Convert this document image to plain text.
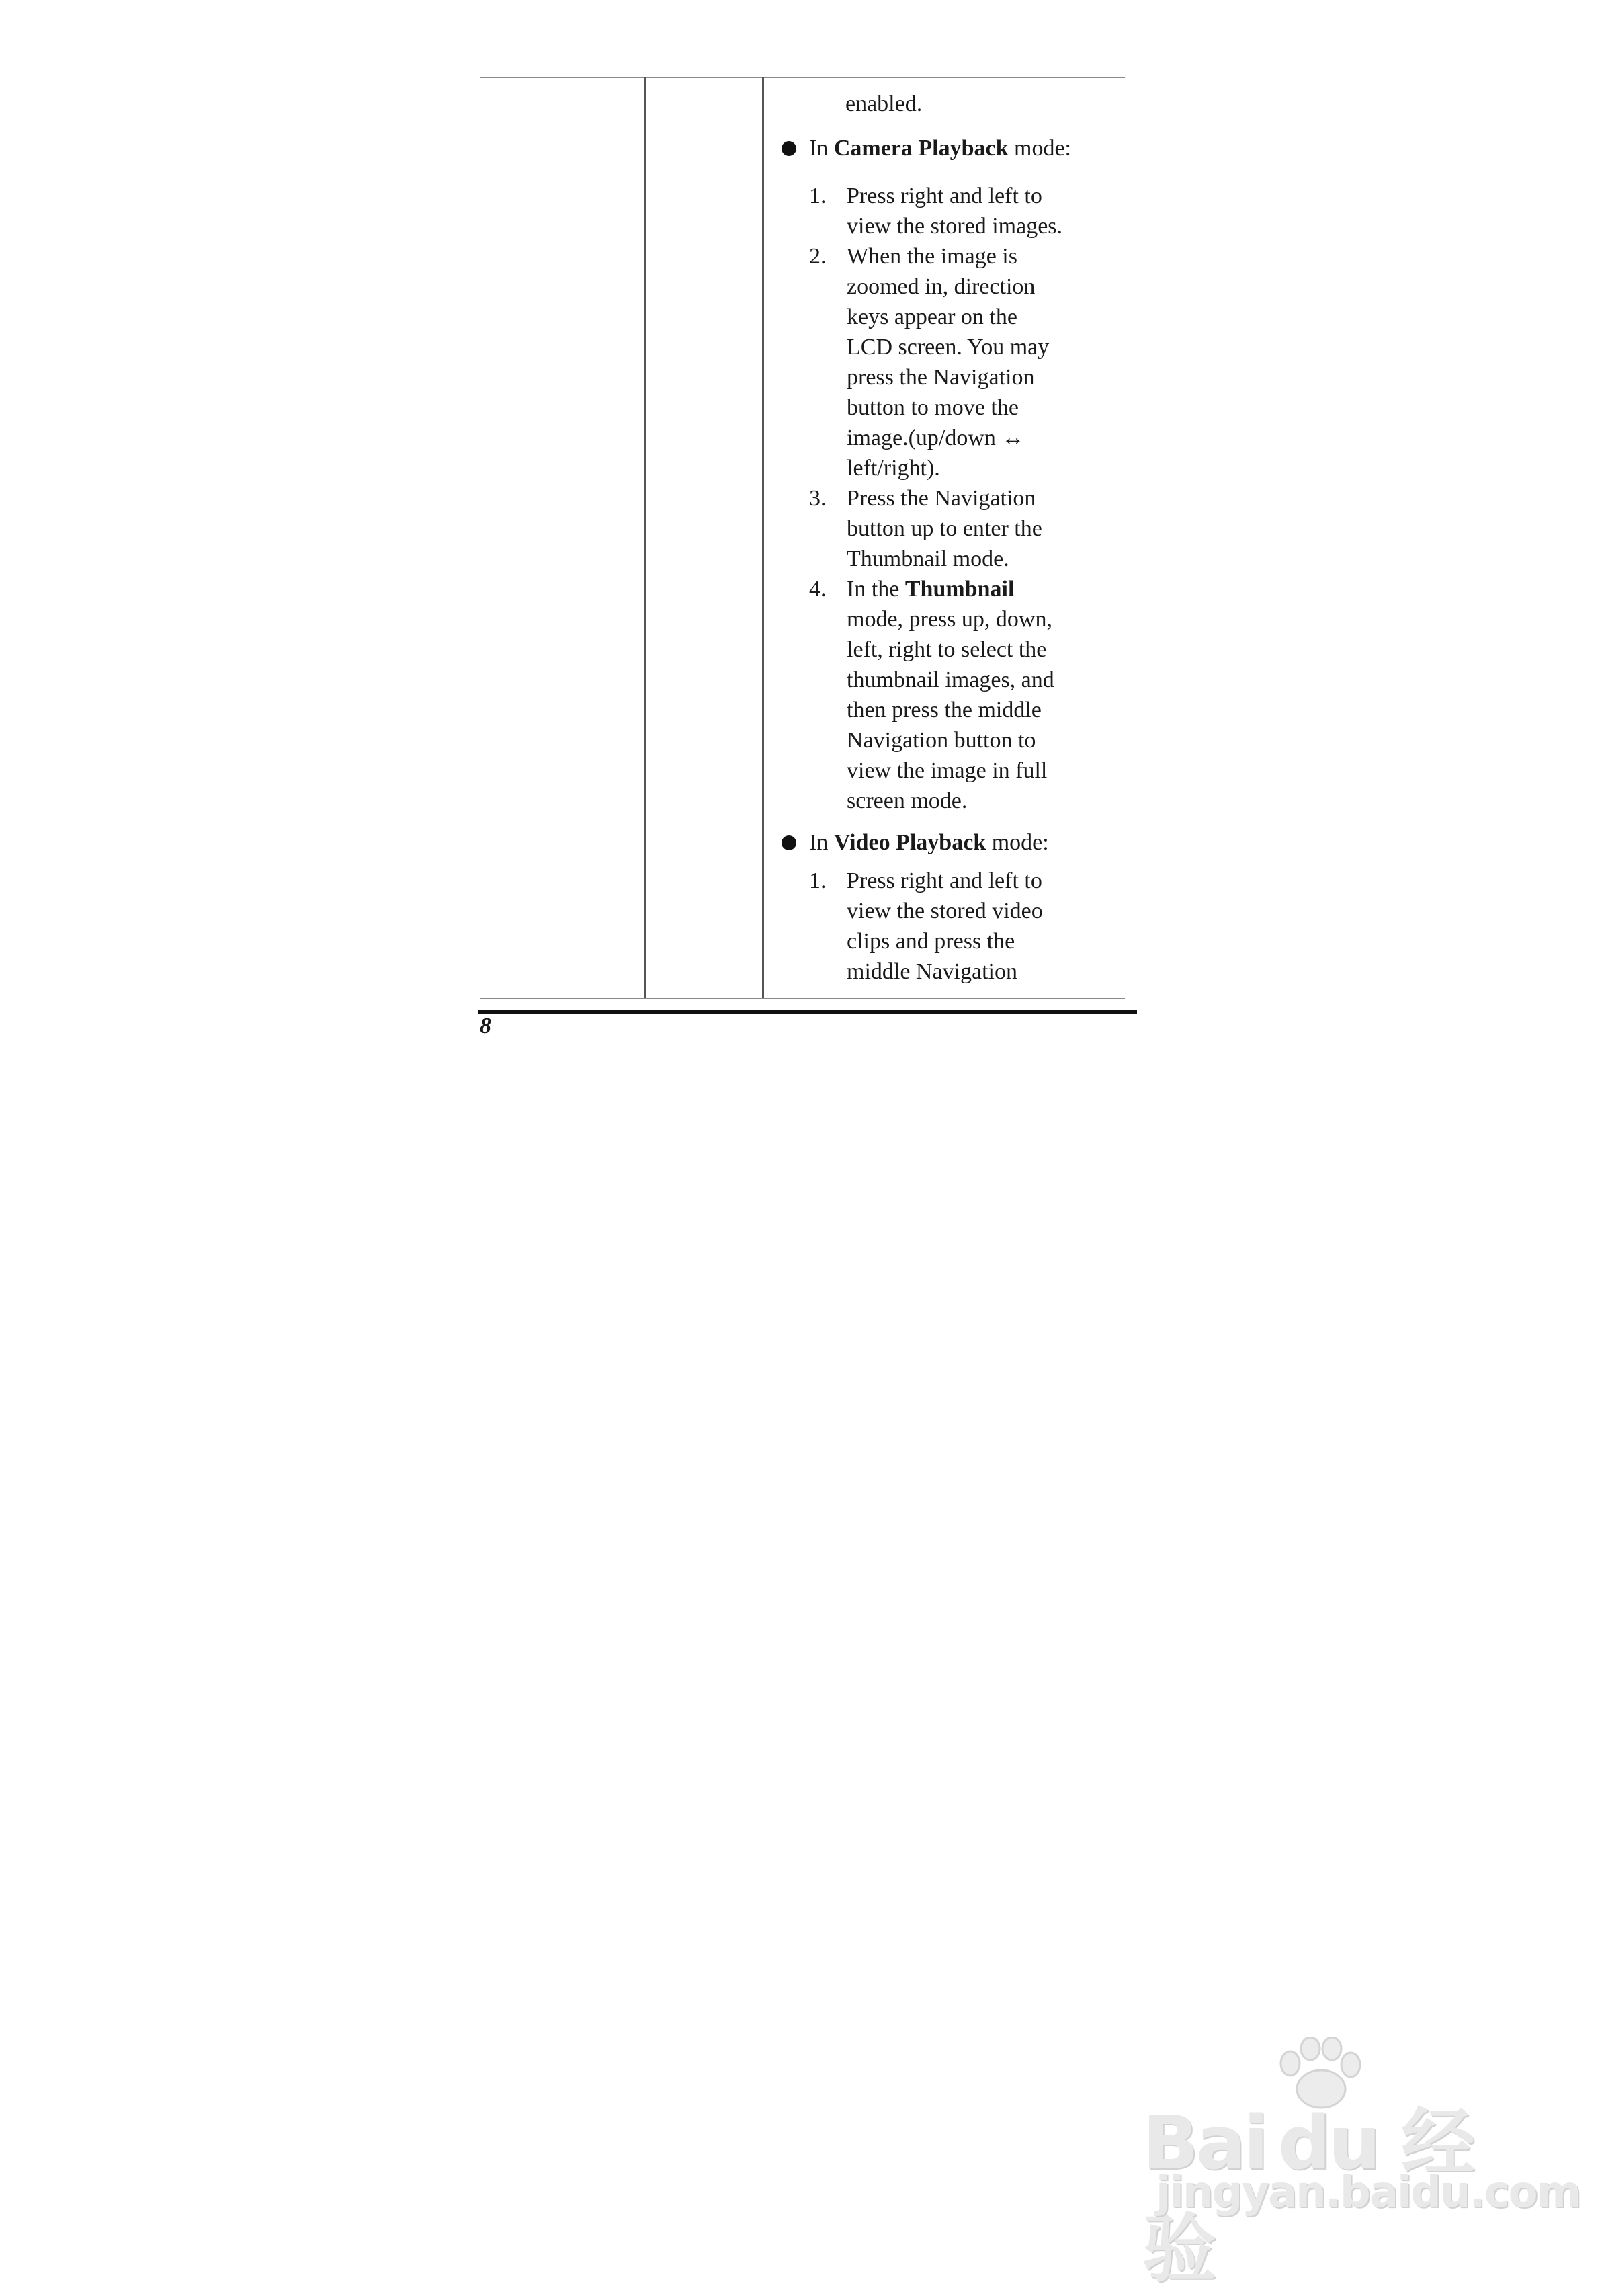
enabled.
In Camera Playback mode:
1. Press right and left to
view the stored images.
2. When the image is
zoomed in, direction
keys appear on the
LCD screen. You may
press the Navigation
button to move the
image.(up/down ↔
left/right).
3. Press the Navigation
button up to enter the
Thumbnail mode.
4. In the Thumbnail
mode, press up, down,
left, right to select the
thumbnail images, and
then press the middle
Navigation button to
view the image in full
screen mode.
In Video Playback mode:
1. Press right and left to
view the stored video
clips and press the
middle Navigation
8
Bai du 经验
jingyan.baidu.com
